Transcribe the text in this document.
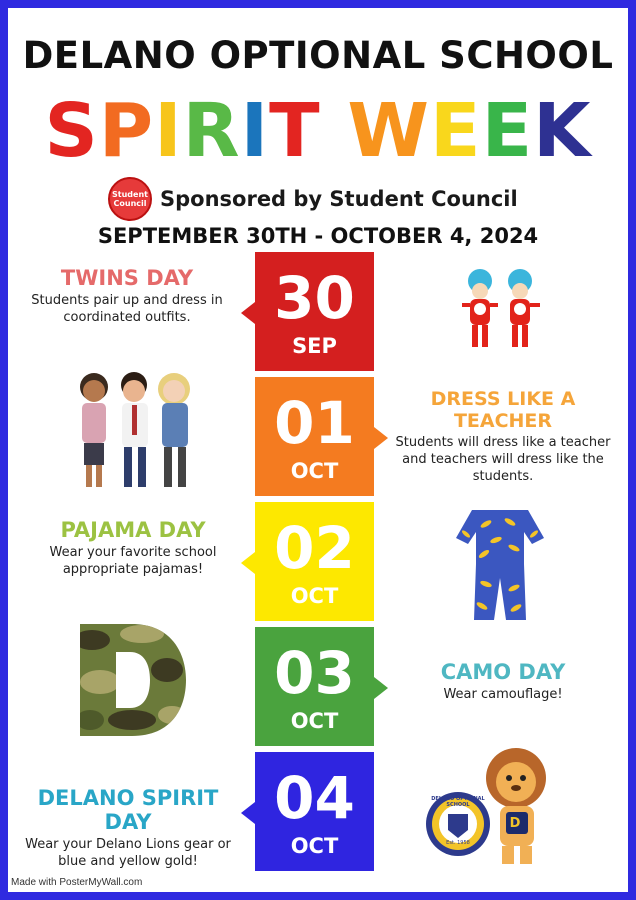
DELANO OPTIONAL SCHOOL
SPIRIT WEEK
Student Council Sponsored by Student Council
SEPTEMBER 30TH - OCTOBER 4, 2024
30
SEP
TWINS DAY
Students pair up and dress in coordinated outfits.
01
OCT
DRESS LIKE A TEACHER
Students will dress like a teacher and teachers will dress like the students.
02
OCT
PAJAMA DAY
Wear your favorite school appropriate pajamas!
03
OCT
CAMO DAY
Wear camouflage!
04
OCT
DELANO SPIRIT DAY
Wear your Delano Lions gear or blue and yellow gold!
DELANO OPTIONAL SCHOOL
Est. 1958
D
Made with PosterMyWall.com
